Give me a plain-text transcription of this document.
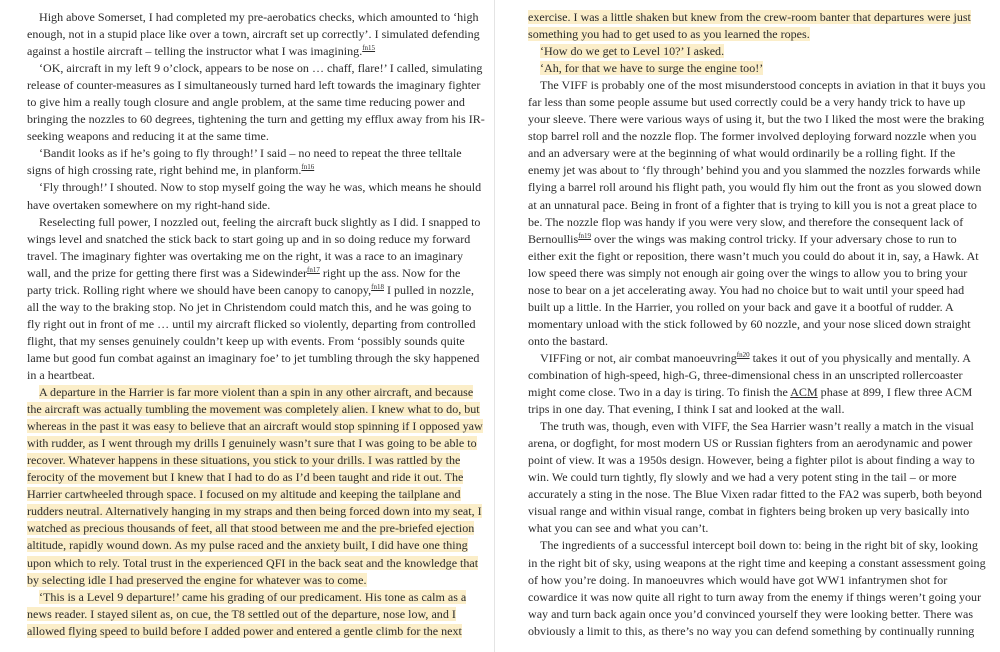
High above Somerset, I had completed my pre-aerobatics checks, which amounted to ‘high
enough, not in a stupid place like over a town, aircraft set up correctly’. I simulated defending
against a hostile aircraft – telling the instructor what I was imagining.$^{fn15}$
‘OK, aircraft in my left 9 o’clock, appears to be nose on … chaff, flare!’ I called, simulating
release of counter-measures as I simultaneously turned hard left towards the imaginary fighter
to give him a really tough closure and angle problem, at the same time reducing power and
bringing the nozzles to 60 degrees, tightening the turn and getting my efflux away from his IR-
seeking weapons and reducing it at the same time.
‘Bandit looks as if he’s going to fly through!’ I said – no need to repeat the three telltale
signs of high crossing rate, right behind me, in planform.$^{fn16}$
‘Fly through!’ I shouted. Now to stop myself going the way he was, which means he should
have overtaken somewhere on my right-hand side.
Reselecting full power, I nozzled out, feeling the aircraft buck slightly as I did. I snapped to
wings level and snatched the stick back to start going up and in so doing reduce my forward
travel. The imaginary fighter was overtaking me on the right, it was a race to an imaginary
wall, and the prize for getting there first was a Sidewinder$^{fn17}$ right up the ass. Now for the
party trick. Rolling right where we should have been canopy to canopy,$^{fn18}$ I pulled in nozzle,
all the way to the braking stop. No jet in Christendom could match this, and he was going to
fly right out in front of me … until my aircraft flicked so violently, departing from controlled
flight, that my senses genuinely couldn’t keep up with events. From ‘possibly sounds quite
lame but good fun combat against an imaginary foe’ to jet tumbling through the sky happened
in a heartbeat.
A departure in the Harrier is far more violent than a spin in any other aircraft, and because
the aircraft was actually tumbling the movement was completely alien. I knew what to do, but
whereas in the past it was easy to believe that an aircraft would stop spinning if I opposed yaw
with rudder, as I went through my drills I genuinely wasn’t sure that I was going to be able to
recover. Whatever happens in these situations, you stick to your drills. I was rattled by the
ferocity of the movement but I knew that I had to do as I’d been taught and ride it out. The
Harrier cartwheeled through space. I focused on my altitude and keeping the tailplane and
rudders neutral. Alternatively hanging in my straps and then being forced down into my seat, I
watched as precious thousands of feet, all that stood between me and the pre-briefed ejection
altitude, rapidly wound down. As my pulse raced and the anxiety built, I did have one thing
upon which to rely. Total trust in the experienced QFI in the back seat and the knowledge that
by selecting idle I had preserved the engine for whatever was to come.
‘This is a Level 9 departure!’ came his grading of our predicament. His tone as calm as a
news reader. I stayed silent as, on cue, the T8 settled out of the departure, nose low, and I
allowed flying speed to build before I added power and entered a gentle climb for the next
exercise. I was a little shaken but knew from the crew-room banter that departures were just
something you had to get used to as you learned the ropes.
‘How do we get to Level 10?’ I asked.
‘Ah, for that we have to surge the engine too!’
The VIFF is probably one of the most misunderstood concepts in aviation in that it buys you
far less than some people assume but used correctly could be a very handy trick to have up
your sleeve. There were various ways of using it, but the two I liked the most were the braking
stop barrel roll and the nozzle flop. The former involved deploying forward nozzle when you
and an adversary were at the beginning of what would ordinarily be a rolling fight. If the
enemy jet was about to ‘fly through’ behind you and you slammed the nozzles forwards while
flying a barrel roll around his flight path, you would fly him out the front as you slowed down
at an unnatural pace. Being in front of a fighter that is trying to kill you is not a great place to
be. The nozzle flop was handy if you were very slow, and therefore the consequent lack of
Bernoullis$^{fn19}$ over the wings was making control tricky. If your adversary chose to run to
either exit the fight or reposition, there wasn’t much you could do about it in, say, a Hawk. At
low speed there was simply not enough air going over the wings to allow you to bring your
nose to bear on a jet accelerating away. You had no choice but to wait until your speed had
built up a little. In the Harrier, you rolled on your back and gave it a bootful of rudder. A
momentary unload with the stick followed by 60 nozzle, and your nose sliced down straight
onto the bastard.
VIFFing or not, air combat manoeuvring$^{fn20}$ takes it out of you physically and mentally. A
combination of high-speed, high-G, three-dimensional chess in an unscripted rollercoaster
might come close. Two in a day is tiring. To finish the ACM phase at 899, I flew three ACM
trips in one day. That evening, I think I sat and looked at the wall.
The truth was, though, even with VIFF, the Sea Harrier wasn’t really a match in the visual
arena, or dogfight, for most modern US or Russian fighters from an aerodynamic and power
point of view. It was a 1950s design. However, being a fighter pilot is about finding a way to
win. We could turn tightly, fly slowly and we had a very potent sting in the tail – or more
accurately a sting in the nose. The Blue Vixen radar fitted to the FA2 was superb, both beyond
visual range and within visual range, combat in fighters being broken up very basically into
what you can see and what you can’t.
The ingredients of a successful intercept boil down to: being in the right bit of sky, looking
in the right bit of sky, using weapons at the right time and keeping a constant assessment going
of how you’re doing. In manoeuvres which would have got WW1 infantrymen shot for
cowardice it was now quite all right to turn away from the enemy if things weren’t going your
way and turn back again once you’d convinced yourself they were looking better. There was
obviously a limit to this, as there’s no way you can defend something by continually running
